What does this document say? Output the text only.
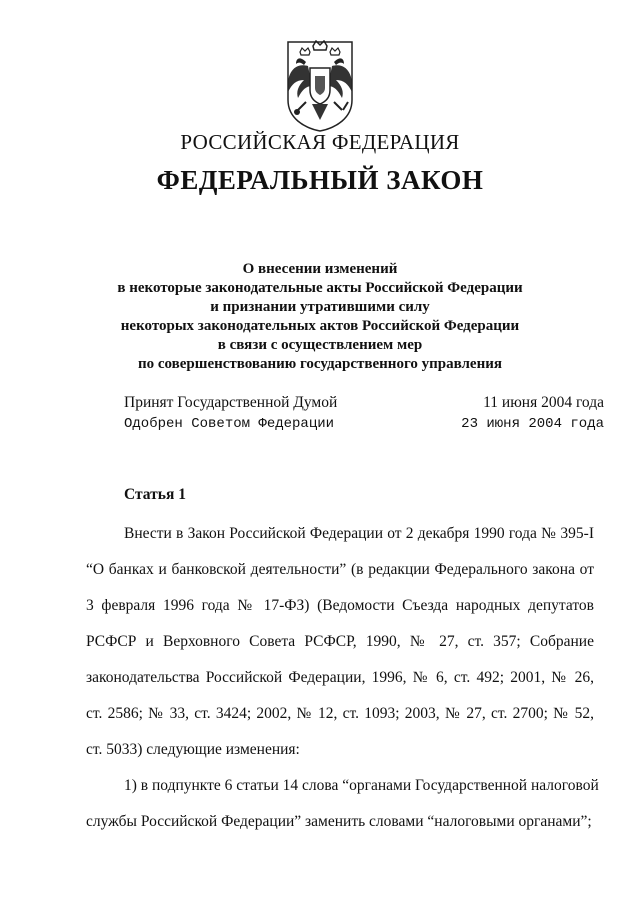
РОССИЙСКАЯ ФЕДЕРАЦИЯ
ФЕДЕРАЛЬНЫЙ ЗАКОН
О внесении изменений
в некоторые законодательные акты Российской Федерации
и признании утратившими силу
некоторых законодательных актов Российской Федерации
в связи с осуществлением мер
по совершенствованию государственного управления
Принят Государственной Думой	11 июня 2004 года
Одобрен Советом Федерации	23 июня 2004 года
Статья 1
Внести в Закон Российской Федерации от 2 декабря 1990 года № 395-I
“О банках и банковской деятельности” (в редакции Федерального закона от
3 февраля 1996 года № 17-ФЗ) (Ведомости Съезда народных депутатов
РСФСР и Верховного Совета РСФСР, 1990, № 27, ст. 357; Собрание
законодательства Российской Федерации, 1996, № 6, ст. 492; 2001, № 26,
ст. 2586; № 33, ст. 3424; 2002, № 12, ст. 1093; 2003, № 27, ст. 2700; № 52,
ст. 5033) следующие изменения:
1) в подпункте 6 статьи 14 слова “органами Государственной налоговой
службы Российской Федерации” заменить словами “налоговыми органами”;
